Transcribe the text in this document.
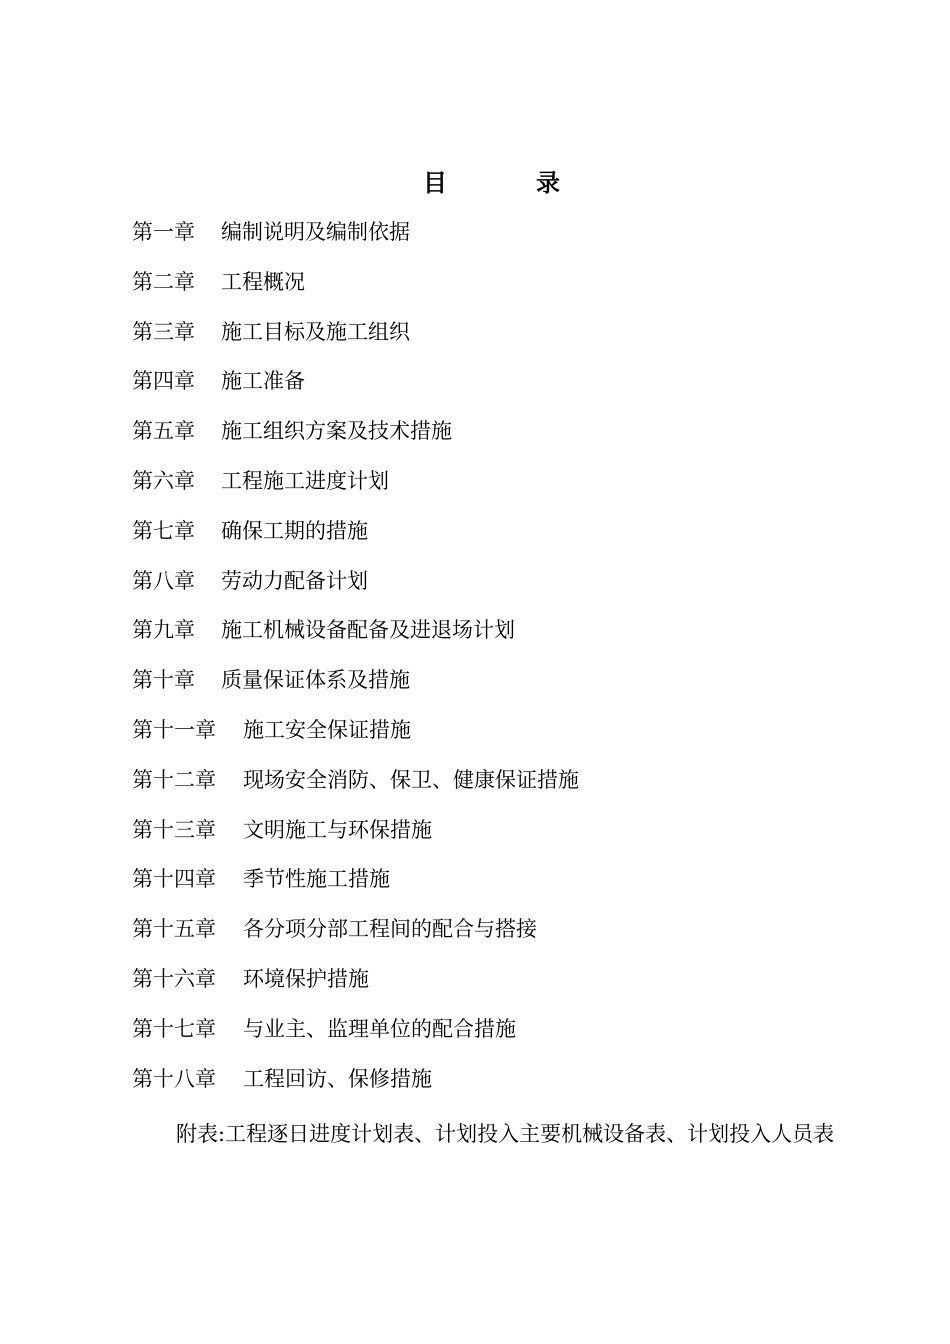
目	录
第一章 编制说明及编制依据
第二章 工程概况
第三章 施工目标及施工组织
第四章 施工准备
第五章 施工组织方案及技术措施
第六章 工程施工进度计划
第七章 确保工期的措施
第八章 劳动力配备计划
第九章 施工机械设备配备及进退场计划
第十章 质量保证体系及措施
第十一章 施工安全保证措施
第十二章 现场安全消防、保卫、健康保证措施
第十三章 文明施工与环保措施
第十四章 季节性施工措施
第十五章 各分项分部工程间的配合与搭接
第十六章 环境保护措施
第十七章 与业主、监理单位的配合措施
第十八章 工程回访、保修措施

附表:工程逐日进度计划表、计划投入主要机械设备表、计划投入人员表
